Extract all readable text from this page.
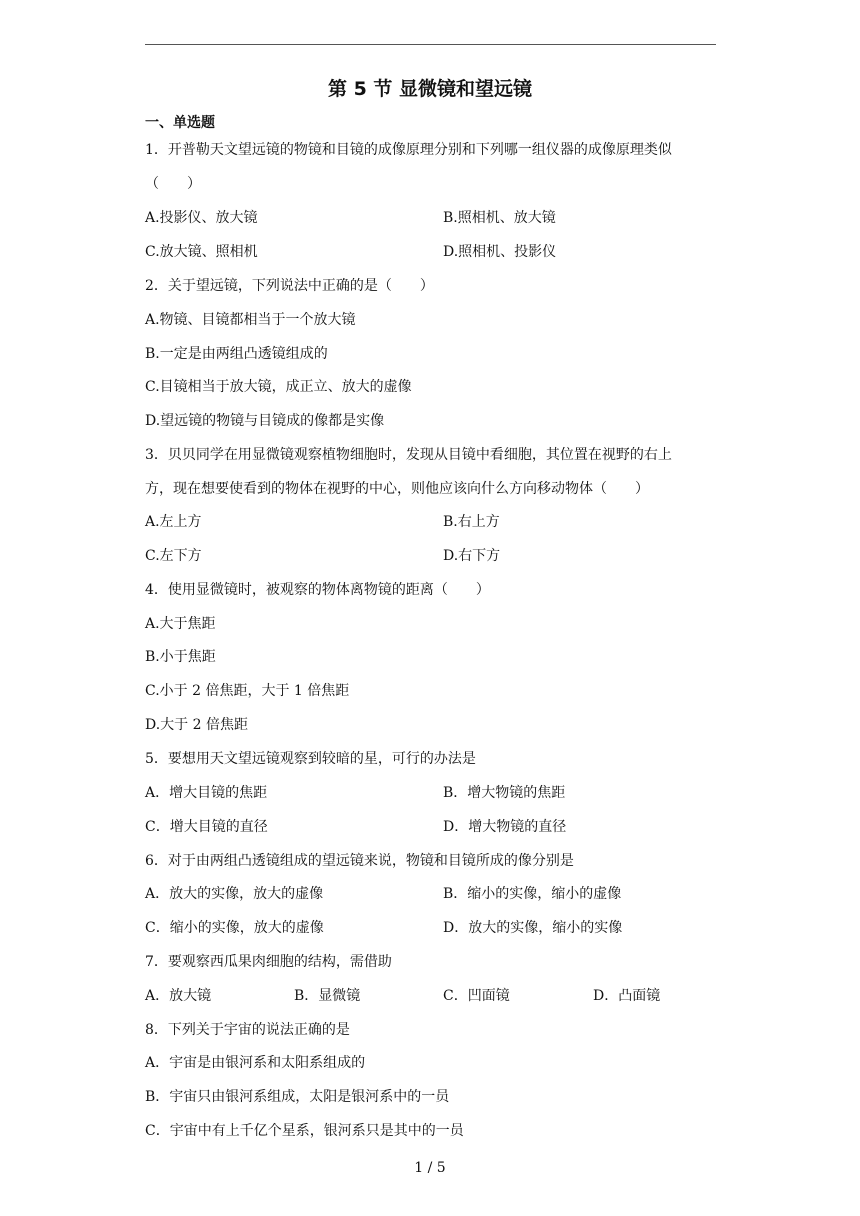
第 5 节 显微镜和望远镜
一、单选题
1．开普勒天文望远镜的物镜和目镜的成像原理分别和下列哪一组仪器的成像原理类似
（　　）
A.投影仪、放大镜	B.照相机、放大镜
C.放大镜、照相机	D.照相机、投影仪
2．关于望远镜，下列说法中正确的是（　　）
A.物镜、目镜都相当于一个放大镜
B.一定是由两组凸透镜组成的
C.目镜相当于放大镜，成正立、放大的虚像
D.望远镜的物镜与目镜成的像都是实像
3．贝贝同学在用显微镜观察植物细胞时，发现从目镜中看细胞，其位置在视野的右上
方，现在想要使看到的物体在视野的中心，则他应该向什么方向移动物体（　　）
A.左上方	B.右上方
C.左下方	D.右下方
4．使用显微镜时，被观察的物体离物镜的距离（　　）
A.大于焦距
B.小于焦距
C.小于 2 倍焦距，大于 1 倍焦距
D.大于 2 倍焦距
5．要想用天文望远镜观察到较暗的星，可行的办法是
A．增大目镜的焦距	B．增大物镜的焦距
C．增大目镜的直径	D．增大物镜的直径
6．对于由两组凸透镜组成的望远镜来说，物镜和目镜所成的像分别是
A．放大的实像，放大的虚像	B．缩小的实像，缩小的虚像
C．缩小的实像，放大的虚像	D．放大的实像，缩小的实像
7．要观察西瓜果肉细胞的结构，需借助
A．放大镜	B．显微镜	C．凹面镜	D．凸面镜
8．下列关于宇宙的说法正确的是
A．宇宙是由银河系和太阳系组成的
B．宇宙只由银河系组成，太阳是银河系中的一员
C．宇宙中有上千亿个星系，银河系只是其中的一员
1 / 5
